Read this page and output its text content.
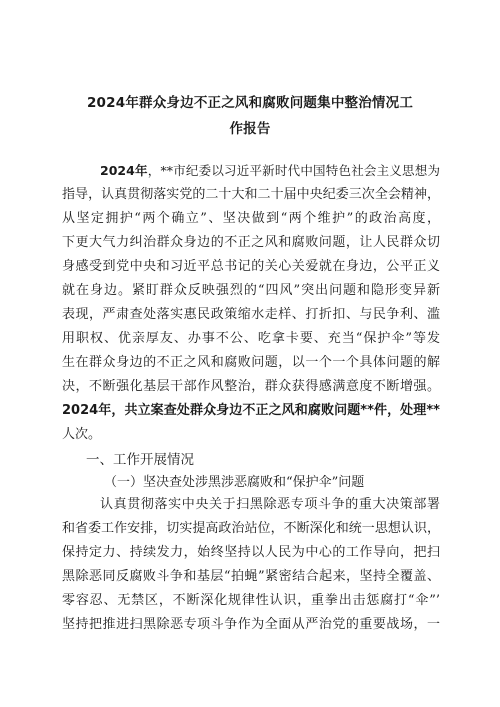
2024年群众身边不正之风和腐败问题集中整治情况工
作报告
2024年，**市纪委以习近平新时代中国特色社会主义思想为
指导，认真贯彻落实党的二十大和二十届中央纪委三次全会精神，
从坚定拥护“两个确立”、坚决做到“两个维护”的政治高度，
下更大气力纠治群众身边的不正之风和腐败问题，让人民群众切
身感受到党中央和习近平总书记的关心关爱就在身边，公平正义
就在身边。紧盯群众反映强烈的“四风”突出问题和隐形变异新
表现，严肃查处落实惠民政策缩水走样、打折扣、与民争利、滥
用职权、优亲厚友、办事不公、吃拿卡要、充当“保护伞”等发
生在群众身边的不正之风和腐败问题，以一个一个具体问题的解
决，不断强化基层干部作风整治，群众获得感满意度不断增强。
2024年，共立案查处群众身边不正之风和腐败问题**件，处理**
人次。
一、工作开展情况
（一）坚决查处涉黑涉恶腐败和“保护伞”问题
认真贯彻落实中央关于扫黑除恶专项斗争的重大决策部署
和省委工作安排，切实提高政治站位，不断深化和统一思想认识，
保持定力、持续发力，始终坚持以人民为中心的工作导向，把扫
黑除恶同反腐败斗争和基层“拍蝇”紧密结合起来，坚持全覆盖、
零容忍、无禁区，不断深化规律性认识，重拳出击惩腐打“伞”’
坚持把推进扫黑除恶专项斗争作为全面从严治党的重要战场，一
